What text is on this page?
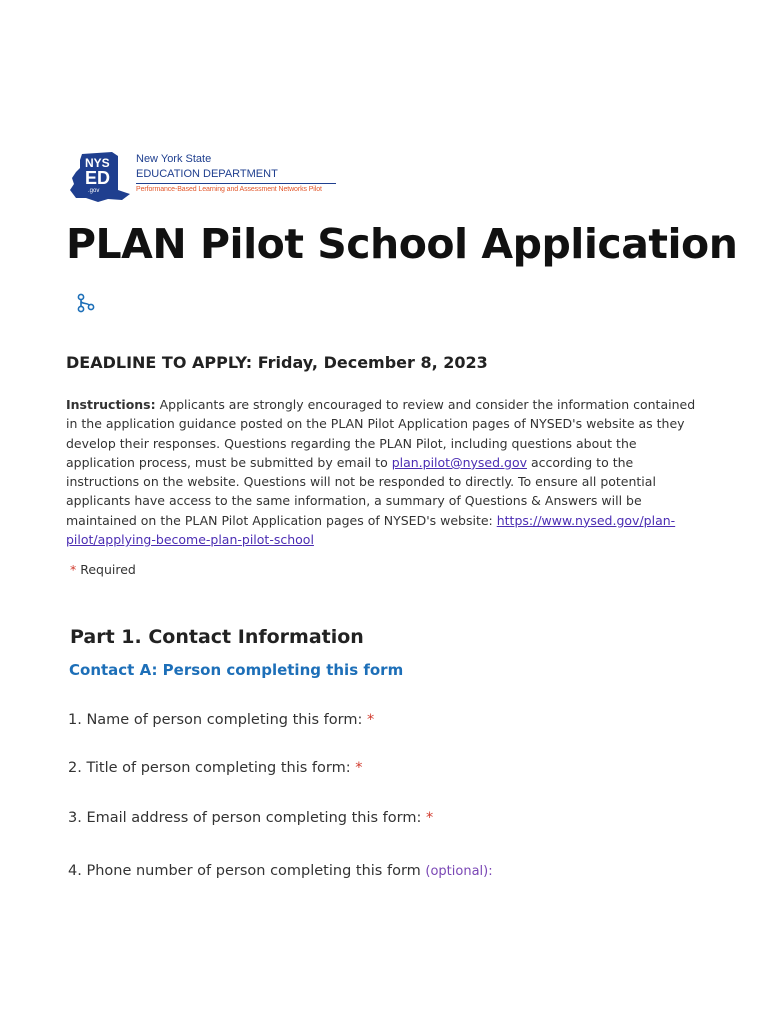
NYS
ED
.gov
New York State
EDUCATION DEPARTMENT
Performance-Based Learning and Assessment Networks Pilot
PLAN Pilot School Application
DEADLINE TO APPLY: Friday, December 8, 2023
Instructions: Applicants are strongly encouraged to review and consider the information contained in the application guidance posted on the PLAN Pilot Application pages of NYSED's website as they develop their responses. Questions regarding the PLAN Pilot, including questions about the application process, must be submitted by email to plan.pilot@nysed.gov according to the instructions on the website. Questions will not be responded to directly. To ensure all potential applicants have access to the same information, a summary of Questions & Answers will be maintained on the PLAN Pilot Application pages of NYSED's website: https://www.nysed.gov/plan-pilot/applying-become-plan-pilot-school
* Required
Part 1. Contact Information
Contact A: Person completing this form
1. Name of person completing this form: *
2. Title of person completing this form: *
3. Email address of person completing this form: *
4. Phone number of person completing this form (optional):
